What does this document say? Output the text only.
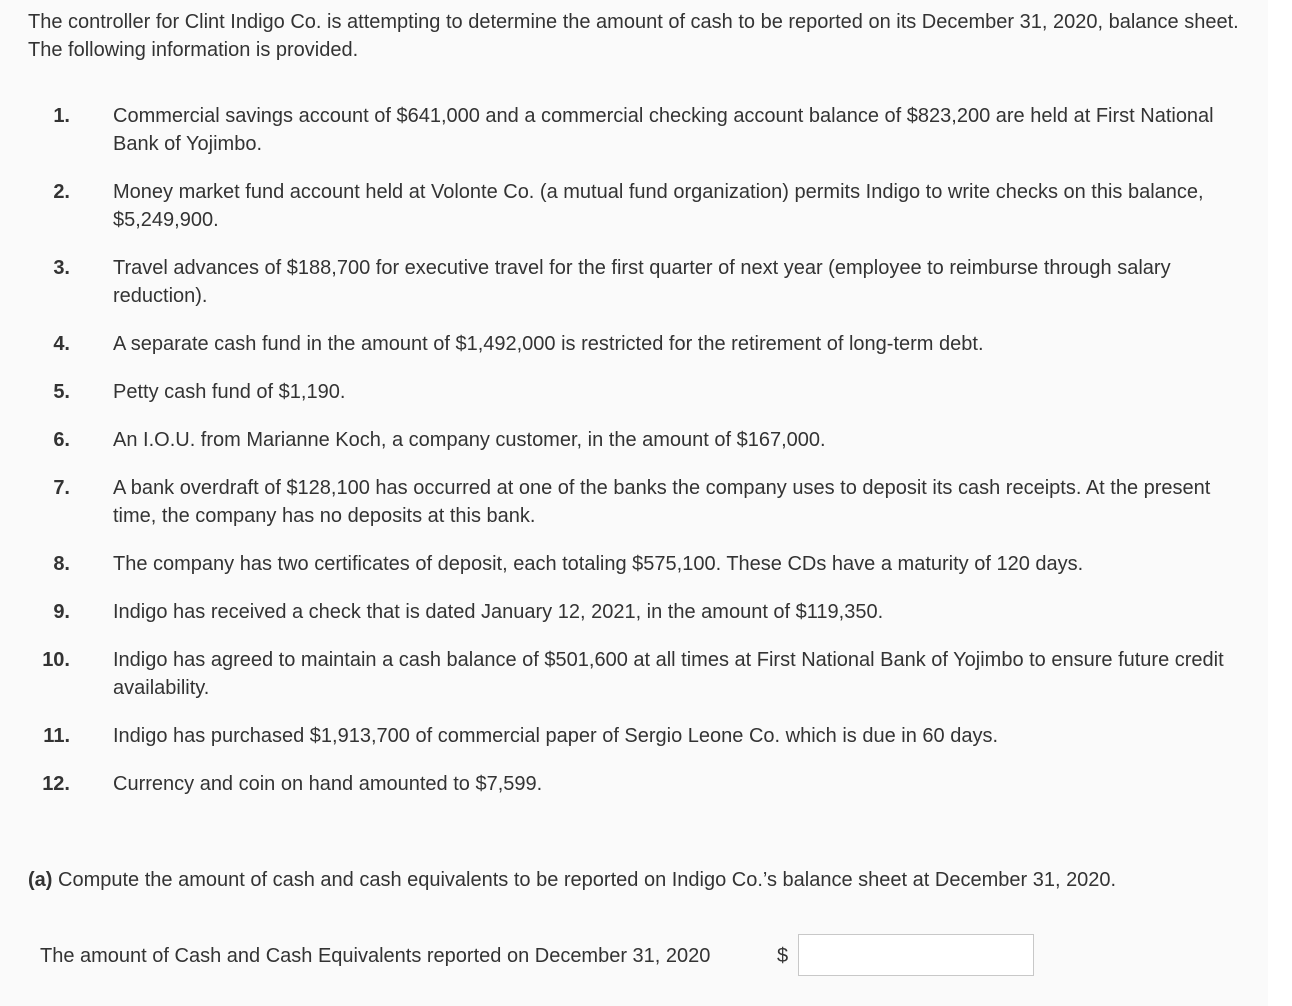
The controller for Clint Indigo Co. is attempting to determine the amount of cash to be reported on its December 31, 2020, balance sheet. The following information is provided.

1. Commercial savings account of $641,000 and a commercial checking account balance of $823,200 are held at First National Bank of Yojimbo.
2. Money market fund account held at Volonte Co. (a mutual fund organization) permits Indigo to write checks on this balance, $5,249,900.
3. Travel advances of $188,700 for executive travel for the first quarter of next year (employee to reimburse through salary reduction).
4. A separate cash fund in the amount of $1,492,000 is restricted for the retirement of long-term debt.
5. Petty cash fund of $1,190.
6. An I.O.U. from Marianne Koch, a company customer, in the amount of $167,000.
7. A bank overdraft of $128,100 has occurred at one of the banks the company uses to deposit its cash receipts. At the present time, the company has no deposits at this bank.
8. The company has two certificates of deposit, each totaling $575,100. These CDs have a maturity of 120 days.
9. Indigo has received a check that is dated January 12, 2021, in the amount of $119,350.
10. Indigo has agreed to maintain a cash balance of $501,600 at all times at First National Bank of Yojimbo to ensure future credit availability.
11. Indigo has purchased $1,913,700 of commercial paper of Sergio Leone Co. which is due in 60 days.
12. Currency and coin on hand amounted to $7,599.

(a) Compute the amount of cash and cash equivalents to be reported on Indigo Co.’s balance sheet at December 31, 2020.

The amount of Cash and Cash Equivalents reported on December 31, 2020	$
